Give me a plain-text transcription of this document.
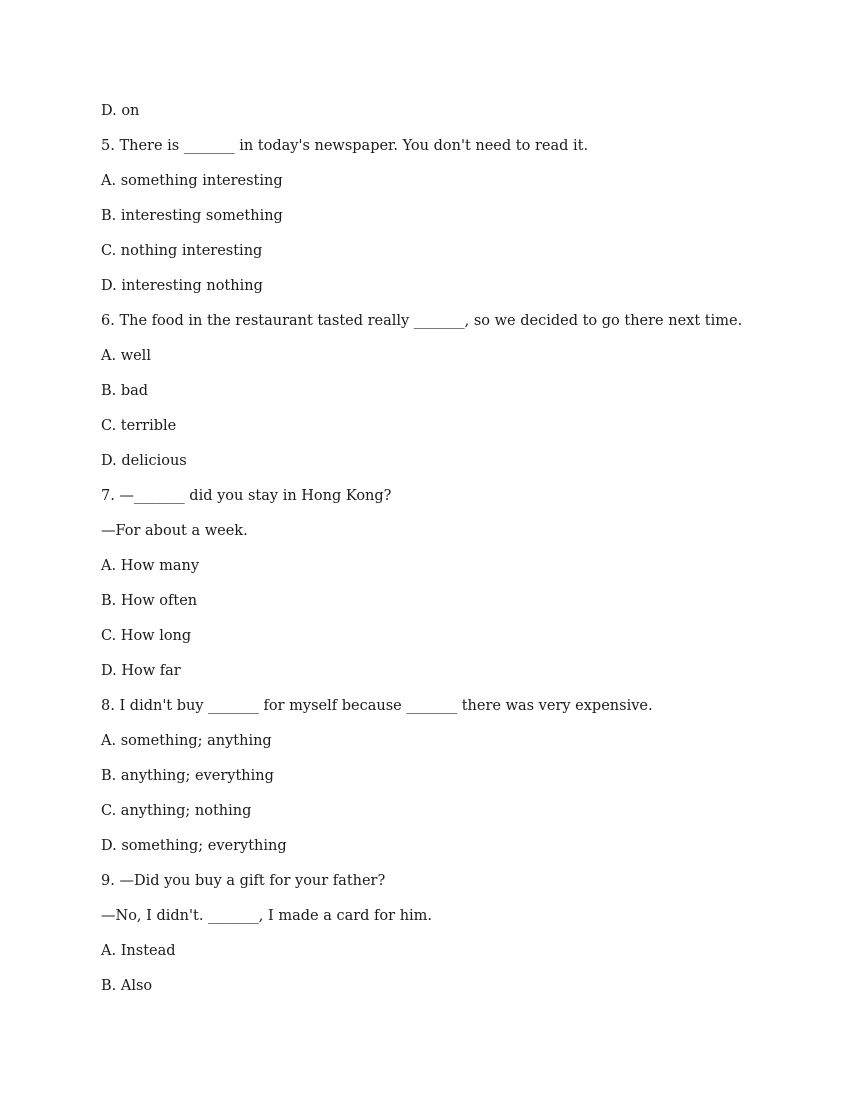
D. on
5. There is _______ in today's newspaper. You don't need to read it.
A. something interesting
B. interesting something
C. nothing interesting
D. interesting nothing
6. The food in the restaurant tasted really _______, so we decided to go there next time.
A. well
B. bad
C. terrible
D. delicious
7. —_______ did you stay in Hong Kong?
—For about a week.
A. How many
B. How often
C. How long
D. How far
8. I didn't buy _______ for myself because _______ there was very expensive.
A. something; anything
B. anything; everything
C. anything; nothing
D. something; everything
9. —Did you buy a gift for your father?
—No, I didn't. _______, I made a card for him.
A. Instead
B. Also
